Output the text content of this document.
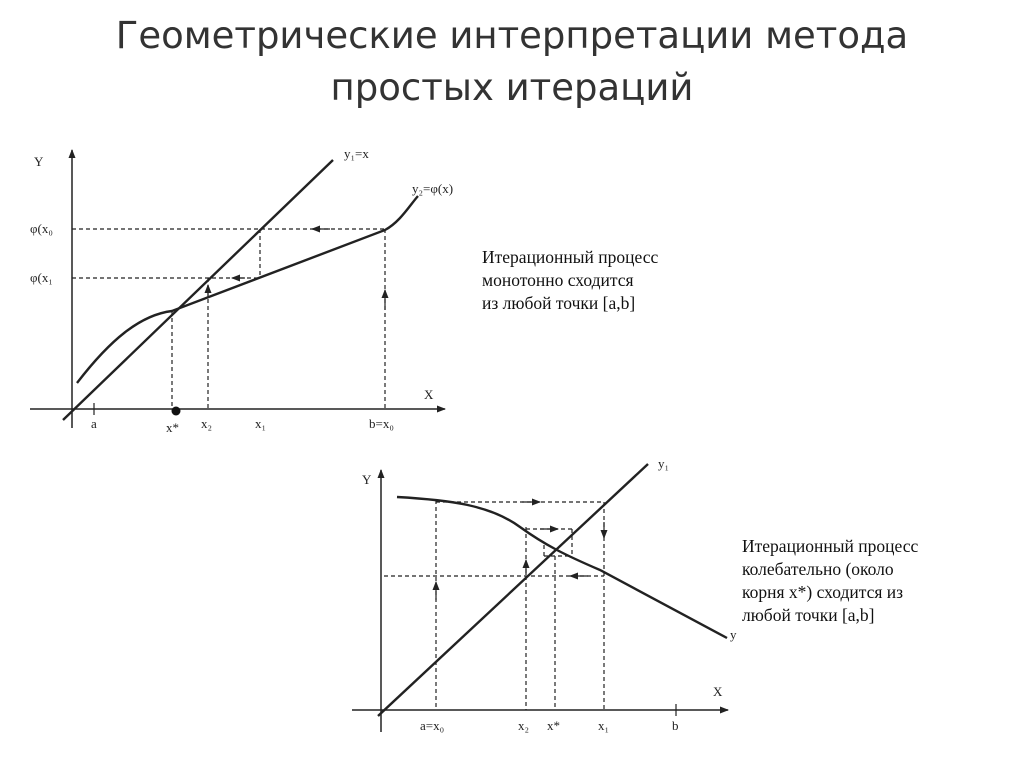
Геометрические интерпретации метода
простых итераций
Y
X
y₁=x
y₂=φ(x)
φ(x₀
φ(x₁
a	x* x₂	x₁	b=x₀
Y
X
y₁
y
a=x₀	x₂ x*	x₁	b
Итерационный процесс
монотонно сходится
из любой точки [a,b]
Итерационный процесс
колебательно (около
корня x*) сходится из
любой точки [a,b]
